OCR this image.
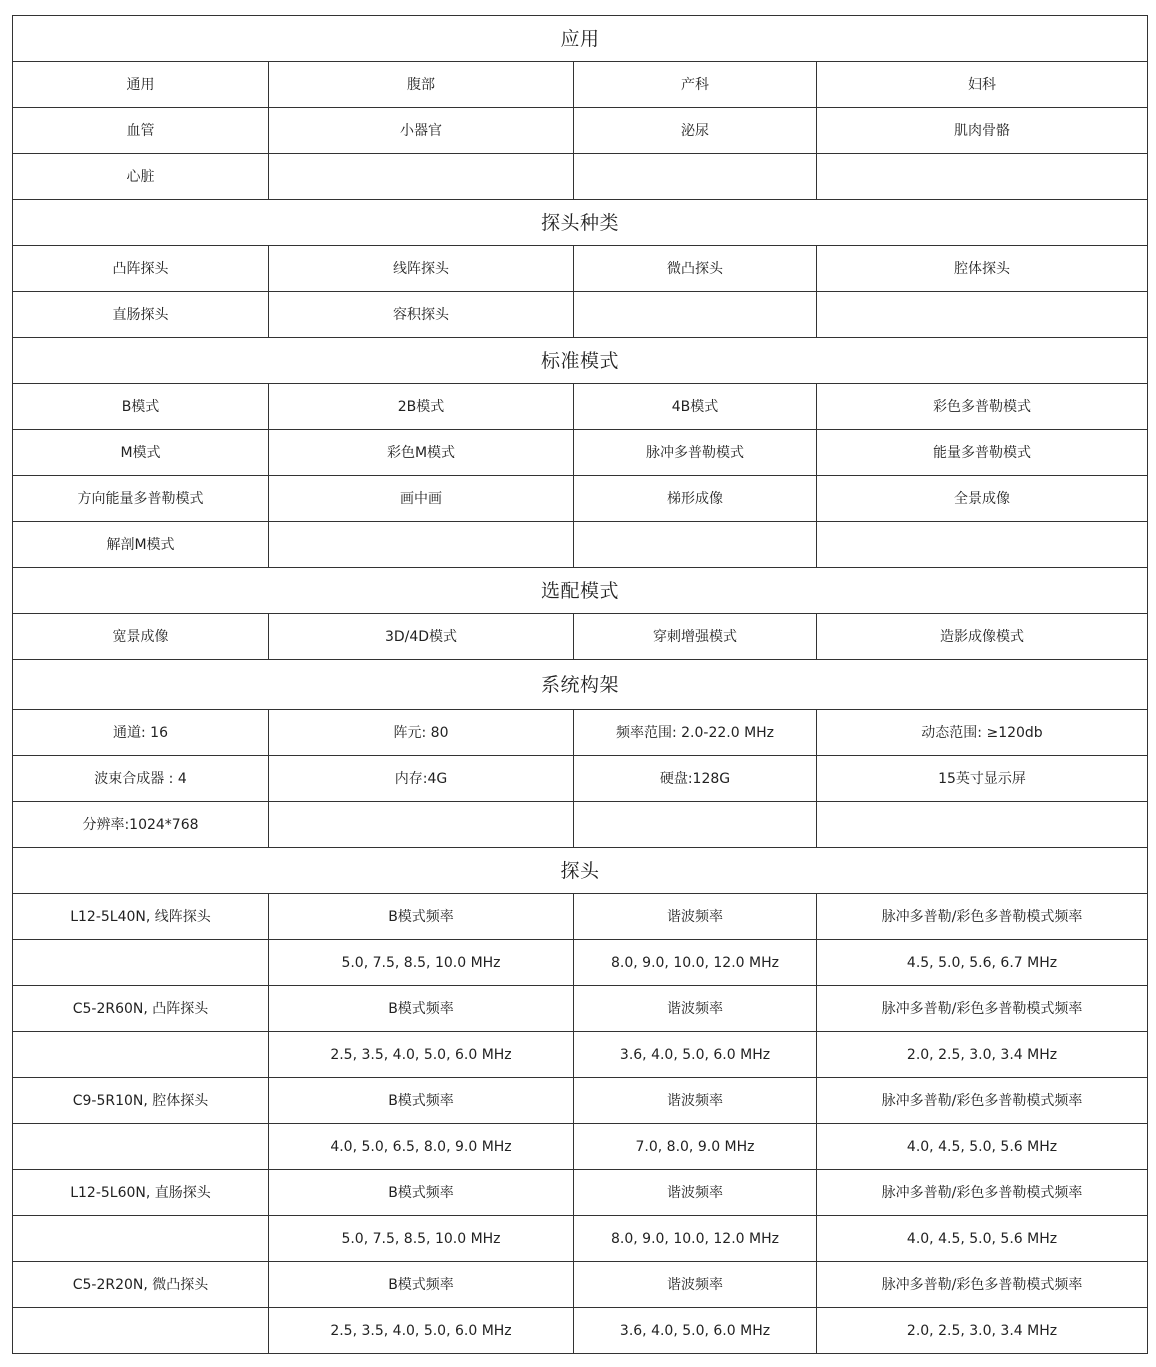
应用			
通用	腹部	产科	妇科
血管	小器官	泌尿	肌肉骨骼
心脏			
探头种类			
凸阵探头	线阵探头	微凸探头	腔体探头
直肠探头	容积探头		
标准模式			
B模式	2B模式	4B模式	彩色多普勒模式
M模式	彩色M模式	脉冲多普勒模式	能量多普勒模式
方向能量多普勒模式	画中画	梯形成像	全景成像
解剖M模式			
选配模式			
宽景成像	3D/4D模式	穿刺增强模式	造影成像模式
系统构架			
通道: 16	阵元: 80	频率范围: 2.0-22.0 MHz	动态范围: ≥120db
波束合成器 : 4	内存:4G	硬盘:128G	15英寸显示屏
分辨率:1024*768			
探头			
L12-5L40N, 线阵探头	B模式频率	谐波频率	脉冲多普勒/彩色多普勒模式频率
	5.0, 7.5, 8.5, 10.0 MHz	8.0, 9.0, 10.0, 12.0 MHz	4.5, 5.0, 5.6, 6.7 MHz
C5-2R60N, 凸阵探头	B模式频率	谐波频率	脉冲多普勒/彩色多普勒模式频率
	2.5, 3.5, 4.0, 5.0, 6.0 MHz	3.6, 4.0, 5.0, 6.0 MHz	2.0, 2.5, 3.0, 3.4 MHz
C9-5R10N, 腔体探头	B模式频率	谐波频率	脉冲多普勒/彩色多普勒模式频率
	4.0, 5.0, 6.5, 8.0, 9.0 MHz	7.0, 8.0, 9.0 MHz	4.0, 4.5, 5.0, 5.6 MHz
L12-5L60N, 直肠探头	B模式频率	谐波频率	脉冲多普勒/彩色多普勒模式频率
	5.0, 7.5, 8.5, 10.0 MHz	8.0, 9.0, 10.0, 12.0 MHz	4.0, 4.5, 5.0, 5.6 MHz
C5-2R20N, 微凸探头	B模式频率	谐波频率	脉冲多普勒/彩色多普勒模式频率
	2.5, 3.5, 4.0, 5.0, 6.0 MHz	3.6, 4.0, 5.0, 6.0 MHz	2.0, 2.5, 3.0, 3.4 MHz
